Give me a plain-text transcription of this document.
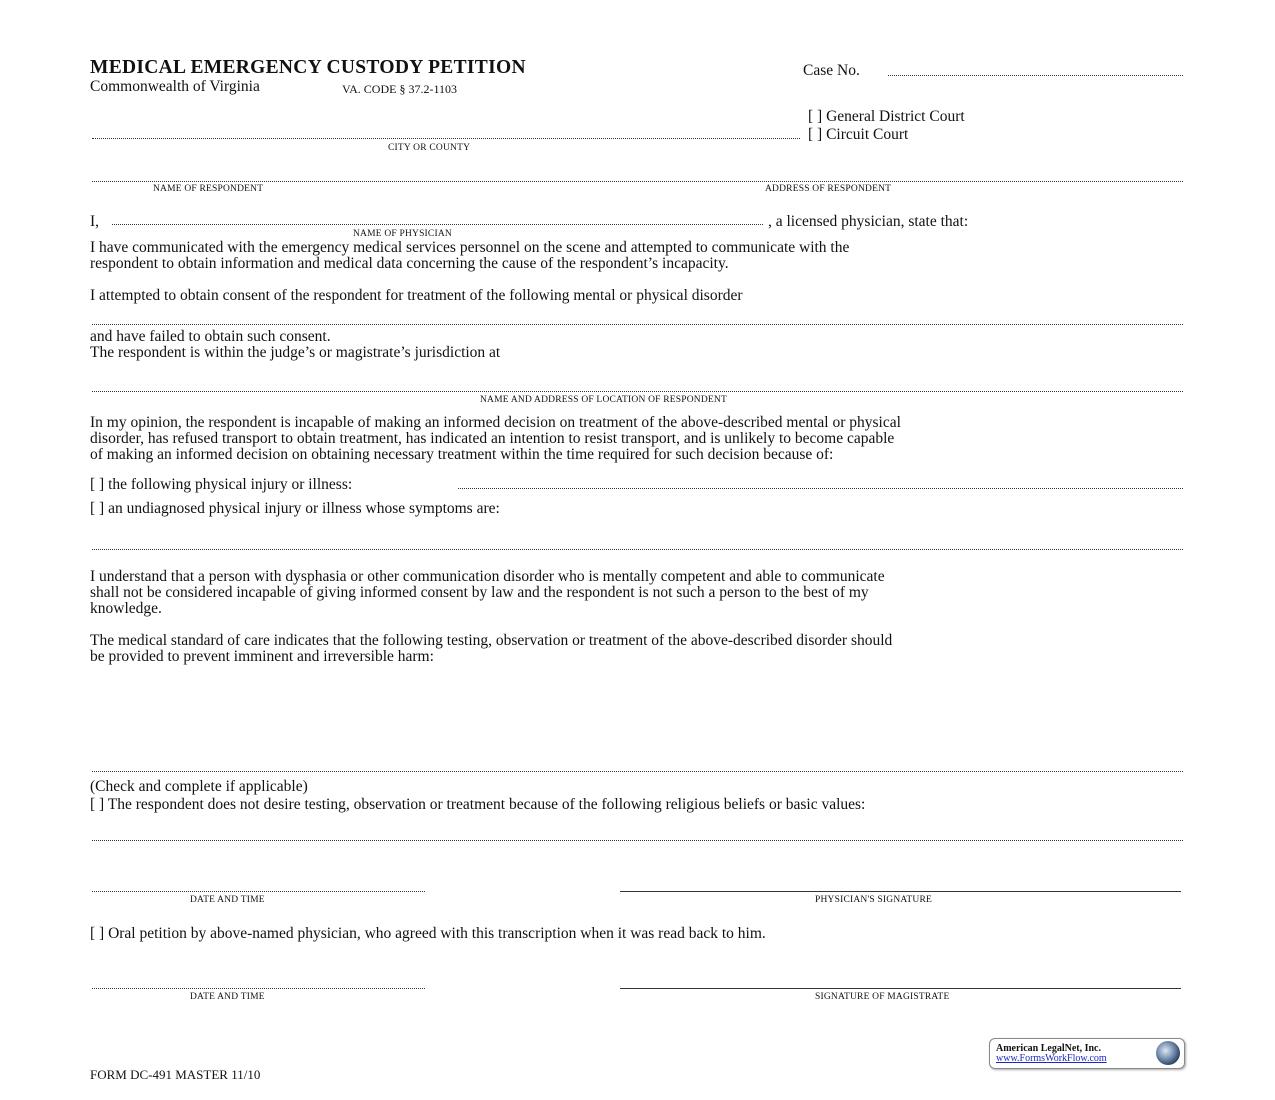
MEDICAL EMERGENCY CUSTODY PETITION
Commonwealth of Virginia	VA. CODE § 37.2-1103
Case No.
[ ] General District Court
[ ] Circuit Court
CITY OR COUNTY
NAME OF RESPONDENT	ADDRESS OF RESPONDENT
I,	, a licensed physician, state that:
NAME OF PHYSICIAN
I have communicated with the emergency medical services personnel on the scene and attempted to communicate with the
respondent to obtain information and medical data concerning the cause of the respondent’s incapacity.
I attempted to obtain consent of the respondent for treatment of the following mental or physical disorder
and have failed to obtain such consent.
The respondent is within the judge’s or magistrate’s jurisdiction at
NAME AND ADDRESS OF LOCATION OF RESPONDENT
In my opinion, the respondent is incapable of making an informed decision on treatment of the above-described mental or physical
disorder, has refused transport to obtain treatment, has indicated an intention to resist transport, and is unlikely to become capable
of making an informed decision on obtaining necessary treatment within the time required for such decision because of:
[ ] the following physical injury or illness:
[ ] an undiagnosed physical injury or illness whose symptoms are:
I understand that a person with dysphasia or other communication disorder who is mentally competent and able to communicate
shall not be considered incapable of giving informed consent by law and the respondent is not such a person to the best of my
knowledge.
The medical standard of care indicates that the following testing, observation or treatment of the above-described disorder should
be provided to prevent imminent and irreversible harm:
(Check and complete if applicable)
[ ] The respondent does not desire testing, observation or treatment because of the following religious beliefs or basic values:
DATE AND TIME	PHYSICIAN'S SIGNATURE
[ ] Oral petition by above-named physician, who agreed with this transcription when it was read back to him.
DATE AND TIME	SIGNATURE OF MAGISTRATE
FORM DC-491 MASTER 11/10
American LegalNet, Inc.
www.FormsWorkFlow.com
